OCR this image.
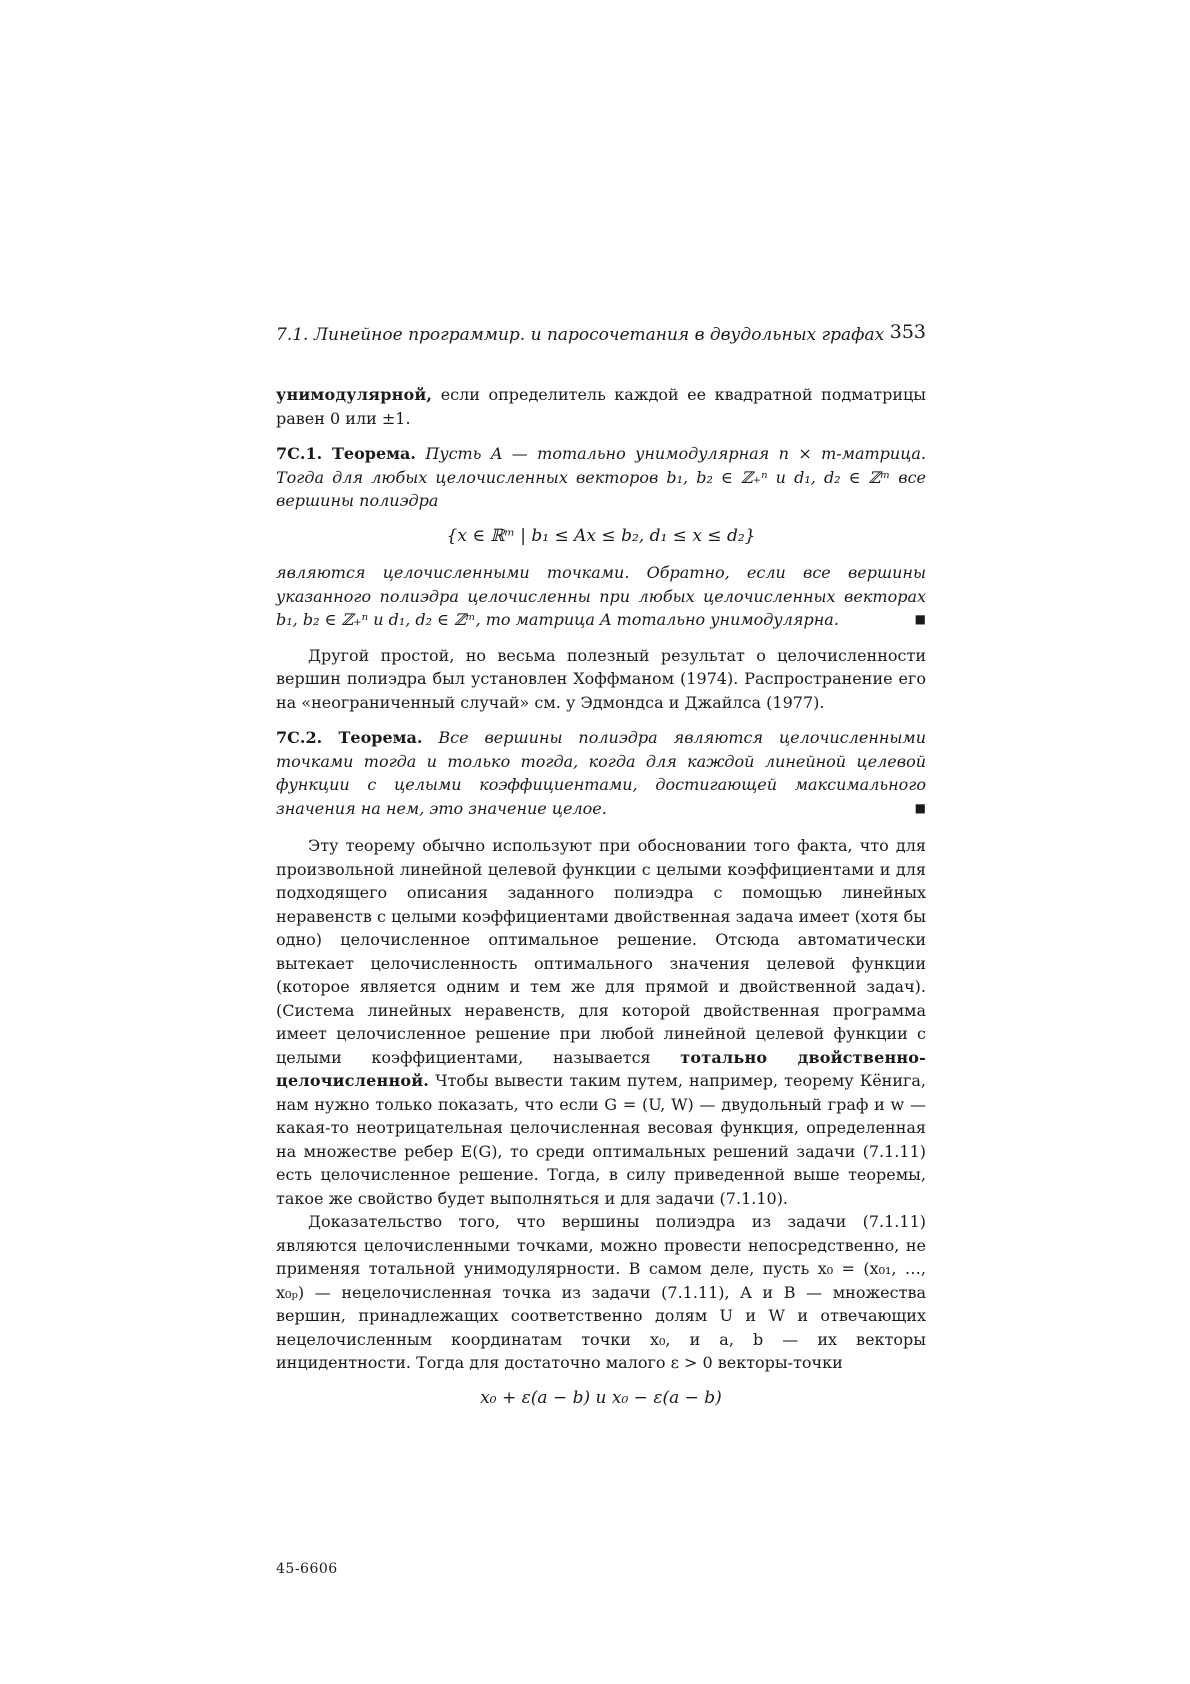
7.1. Линейное программир. и паросочетания в двудольных графах 353

унимодулярной, если определитель каждой ее квадратной подматрицы равен 0 или ±1.

7С.1. Теорема. Пусть A — тотально унимодулярная n × m-матрица. Тогда для любых целочисленных векторов b₁, b₂ ∈ ℤ₊ⁿ и d₁, d₂ ∈ ℤᵐ все вершины полиэдра

{x ∈ ℝᵐ | b₁ ≤ Ax ≤ b₂, d₁ ≤ x ≤ d₂}

являются целочисленными точками. Обратно, если все вершины указанного полиэдра целочисленны при любых целочисленных векторах b₁, b₂ ∈ ℤ₊ⁿ и d₁, d₂ ∈ ℤᵐ, то матрица A тотально унимодулярна.	■

Другой простой, но весьма полезный результат о целочисленности вершин полиэдра был установлен Хоффманом (1974). Распространение его на «неограниченный случай» см. у Эдмондса и Джайлса (1977).

7С.2. Теорема. Все вершины полиэдра являются целочисленными точками тогда и только тогда, когда для каждой линейной целевой функции с целыми коэффициентами, достигающей максимального значения на нем, это значение целое.	■

Эту теорему обычно используют при обосновании того факта, что для произвольной линейной целевой функции с целыми коэффициентами и для подходящего описания заданного полиэдра с помощью линейных неравенств с целыми коэффициентами двойственная задача имеет (хотя бы одно) целочисленное оптимальное решение. Отсюда автоматически вытекает целочисленность оптимального значения целевой функции (которое является одним и тем же для прямой и двойственной задач). (Система линейных неравенств, для которой двойственная программа имеет целочисленное решение при любой линейной целевой функции с целыми коэффициентами, называется тотально двойственно-целочисленной. Чтобы вывести таким путем, например, теорему Кёнига, нам нужно только показать, что если G = (U, W) — двудольный граф и w — какая-то неотрицательная целочисленная весовая функция, определенная на множестве ребер E(G), то среди оптимальных решений задачи (7.1.11) есть целочисленное решение. Тогда, в силу приведенной выше теоремы, такое же свойство будет выполняться и для задачи (7.1.10).

Доказательство того, что вершины полиэдра из задачи (7.1.11) являются целочисленными точками, можно провести непосредственно, не применяя тотальной унимодулярности. В самом деле, пусть x₀ = (x₀₁, …, x₀ₚ) — нецелочисленная точка из задачи (7.1.11), A и B — множества вершин, принадлежащих соответственно долям U и W и отвечающих нецелочисленным координатам точки x₀, и a, b — их векторы инцидентности. Тогда для достаточно малого ε > 0 векторы-точки

x₀ + ε(a − b) и x₀ − ε(a − b)
45-6606
